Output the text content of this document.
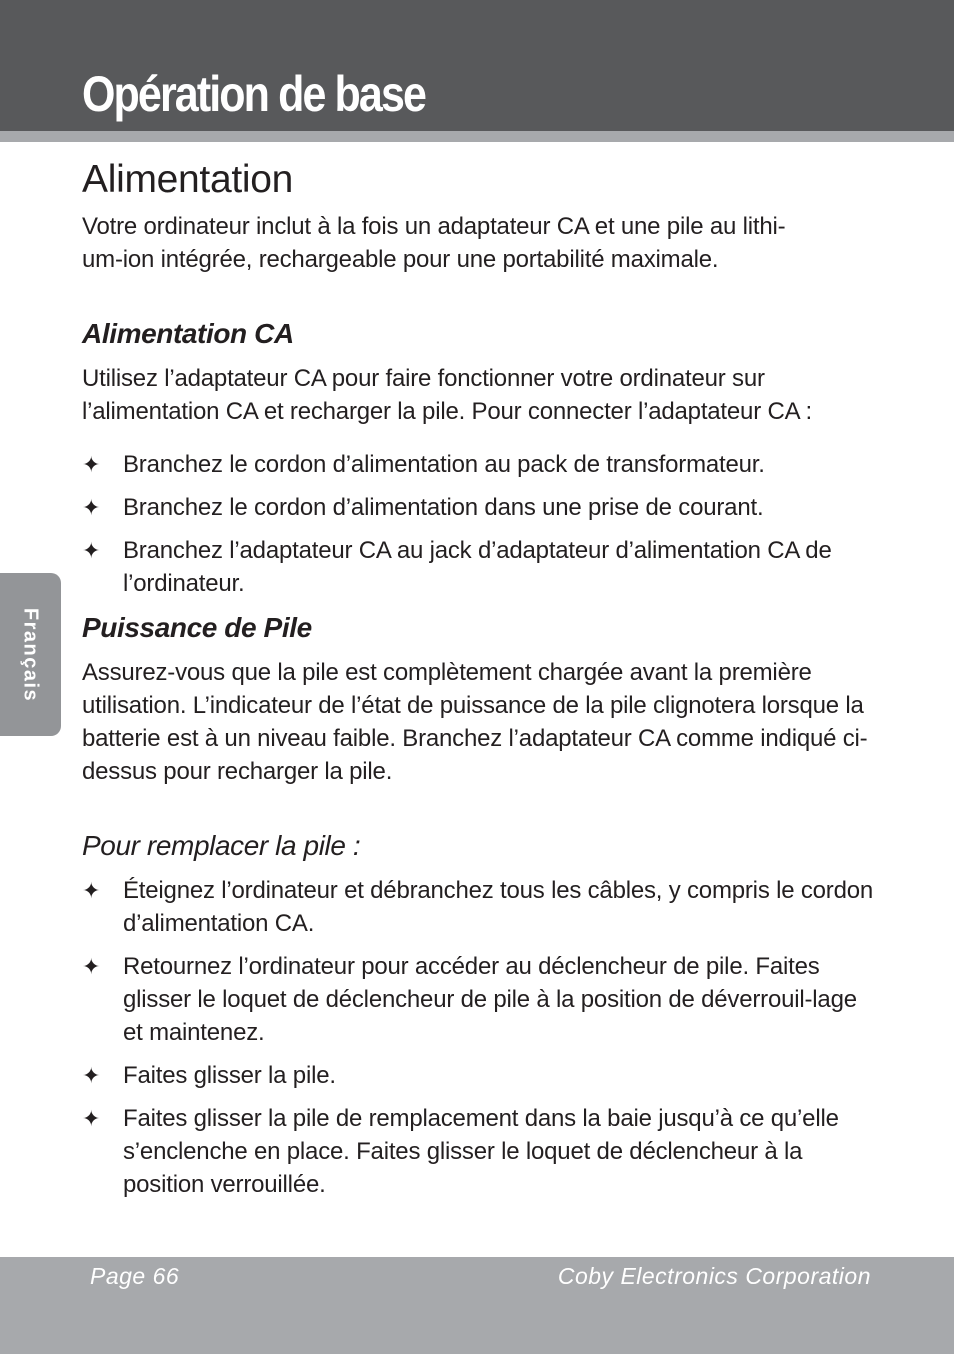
Opération de base
Français
Alimentation

Votre ordinateur inclut à la fois un adaptateur CA et une pile au lithi-
um-ion intégrée, rechargeable pour une portabilité maximale.

Alimentation CA

Utilisez l’adaptateur CA pour faire fonctionner votre ordinateur sur l’alimentation CA et recharger la pile. Pour connecter l’adaptateur CA :

✦ Branchez le cordon d’alimentation au pack de transformateur.
✦ Branchez le cordon d’alimentation dans une prise de courant.
✦ Branchez l’adaptateur CA au jack d’adaptateur d’alimentation CA de l’ordinateur.
Puissance de Pile

Assurez-vous que la pile est complètement chargée avant la première utilisation. L’indicateur de l’état de puissance de la pile clignotera lorsque la batterie est à un niveau faible. Branchez l’adaptateur CA comme indiqué ci-dessus pour recharger la pile.

Pour remplacer la pile :
✦ Éteignez l’ordinateur et débranchez tous les câbles, y compris le cordon d’alimentation CA.
✦ Retournez l’ordinateur pour accéder au déclencheur de pile. Faites glisser le loquet de déclencheur de pile à la position de déverrouil-lage et maintenez.
✦ Faites glisser la pile.
✦ Faites glisser la pile de remplacement dans la baie jusqu’à ce qu’elle s’enclenche en place. Faites glisser le loquet de déclencheur à la position verrouillée.
Page 66	Coby Electronics Corporation
